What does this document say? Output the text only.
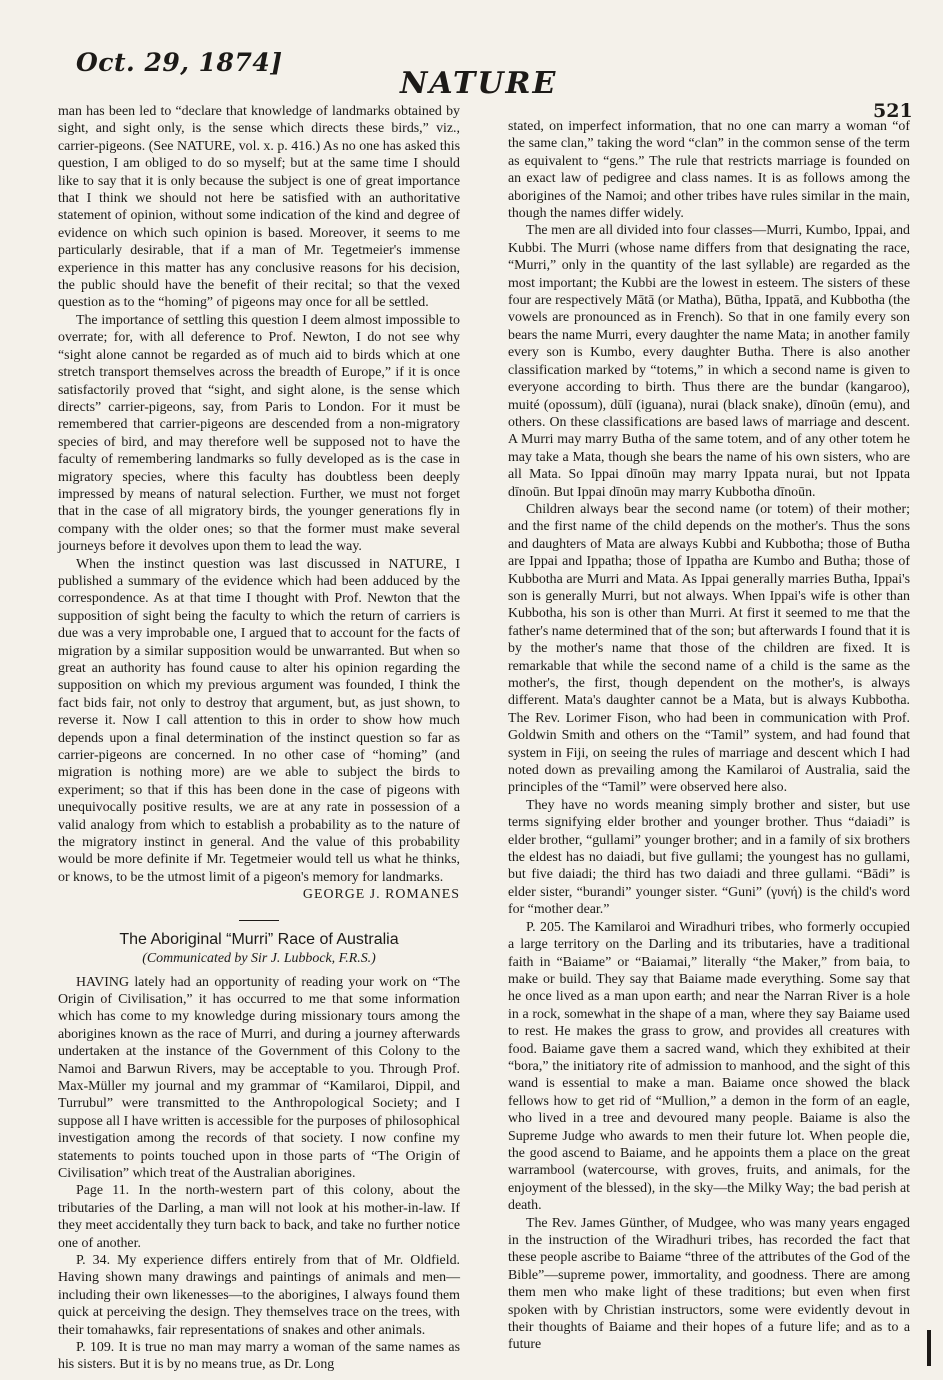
Oct. 29, 1874]
NATURE
521

man has been led to “declare that knowledge of landmarks obtained by sight, and sight only, is the sense which directs these birds,” viz., carrier-pigeons. (See NATURE, vol. x. p. 416.) As no one has asked this question, I am obliged to do so myself; but at the same time I should like to say that it is only because the subject is one of great importance that I think we should not here be satisfied with an authoritative statement of opinion, without some indication of the kind and degree of evidence on which such opinion is based. Moreover, it seems to me particularly desirable, that if a man of Mr. Tegetmeier's immense experience in this matter has any conclusive reasons for his decision, the public should have the benefit of their recital; so that the vexed question as to the “homing” of pigeons may once for all be settled.

The importance of settling this question I deem almost impossible to overrate; for, with all deference to Prof. Newton, I do not see why “sight alone cannot be regarded as of much aid to birds which at one stretch transport themselves across the breadth of Europe,” if it is once satisfactorily proved that “sight, and sight alone, is the sense which directs” carrier-pigeons, say, from Paris to London. For it must be remembered that carrier-pigeons are descended from a non-migratory species of bird, and may therefore well be supposed not to have the faculty of remembering landmarks so fully developed as is the case in migratory species, where this faculty has doubtless been deeply impressed by means of natural selection. Further, we must not forget that in the case of all migratory birds, the younger generations fly in company with the older ones; so that the former must make several journeys before it devolves upon them to lead the way.

When the instinct question was last discussed in NATURE, I published a summary of the evidence which had been adduced by the correspondence. As at that time I thought with Prof. Newton that the supposition of sight being the faculty to which the return of carriers is due was a very improbable one, I argued that to account for the facts of migration by a similar supposition would be unwarranted. But when so great an authority has found cause to alter his opinion regarding the supposition on which my previous argument was founded, I think the fact bids fair, not only to destroy that argument, but, as just shown, to reverse it. Now I call attention to this in order to show how much depends upon a final determination of the instinct question so far as carrier-pigeons are concerned. In no other case of “homing” (and migration is nothing more) are we able to subject the birds to experiment; so that if this has been done in the case of pigeons with unequivocally positive results, we are at any rate in possession of a valid analogy from which to establish a probability as to the nature of the migratory instinct in general. And the value of this probability would be more definite if Mr. Tegetmeier would tell us what he thinks, or knows, to be the utmost limit of a pigeon's memory for landmarks.

GEORGE J. ROMANES

The Aboriginal “Murri” Race of Australia
(Communicated by Sir J. Lubbock, F.R.S.)

HAVING lately had an opportunity of reading your work on “The Origin of Civilisation,” it has occurred to me that some information which has come to my knowledge during missionary tours among the aborigines known as the race of Murri, and during a journey afterwards undertaken at the instance of the Government of this Colony to the Namoi and Barwun Rivers, may be acceptable to you. Through Prof. Max-Müller my journal and my grammar of “Kamilaroi, Dippil, and Turrubul” were transmitted to the Anthropological Society; and I suppose all I have written is accessible for the purposes of philosophical investigation among the records of that society. I now confine my statements to points touched upon in those parts of “The Origin of Civilisation” which treat of the Australian aborigines.

Page 11. In the north-western part of this colony, about the tributaries of the Darling, a man will not look at his mother-in-law. If they meet accidentally they turn back to back, and take no further notice one of another.

P. 34. My experience differs entirely from that of Mr. Oldfield. Having shown many drawings and paintings of animals and men—including their own likenesses—to the aborigines, I always found them quick at perceiving the design. They themselves trace on the trees, with their tomahawks, fair representations of snakes and other animals.

P. 109. It is true no man may marry a woman of the same names as his sisters. But it is by no means true, as Dr. Long

stated, on imperfect information, that no one can marry a woman “of the same clan,” taking the word “clan” in the common sense of the term as equivalent to “gens.” The rule that restricts marriage is founded on an exact law of pedigree and class names. It is as follows among the aborigines of the Namoi; and other tribes have rules similar in the main, though the names differ widely.

The men are all divided into four classes—Murri, Kumbo, Ippai, and Kubbi. The Murri (whose name differs from that designating the race, “Murri,” only in the quantity of the last syllable) are regarded as the most important; the Kubbi are the lowest in esteem. The sisters of these four are respectively Mātā (or Matha), Būtha, Ippatā, and Kubbotha (the vowels are pronounced as in French). So that in one family every son bears the name Murri, every daughter the name Mata; in another family every son is Kumbo, every daughter Butha. There is also another classification marked by “totems,” in which a second name is given to everyone according to birth. Thus there are the bundar (kangaroo), muité (opossum), dūlī (iguana), nurai (black snake), dīnoūn (emu), and others. On these classifications are based laws of marriage and descent. A Murri may marry Butha of the same totem, and of any other totem he may take a Mata, though she bears the name of his own sisters, who are all Mata. So Ippai dīnoūn may marry Ippata nurai, but not Ippata dīnoūn. But Ippai dīnoūn may marry Kubbotha dīnoūn.

Children always bear the second name (or totem) of their mother; and the first name of the child depends on the mother's. Thus the sons and daughters of Mata are always Kubbi and Kubbotha; those of Butha are Ippai and Ippatha; those of Ippatha are Kumbo and Butha; those of Kubbotha are Murri and Mata. As Ippai generally marries Butha, Ippai's son is generally Murri, but not always. When Ippai's wife is other than Kubbotha, his son is other than Murri. At first it seemed to me that the father's name determined that of the son; but afterwards I found that it is by the mother's name that those of the children are fixed. It is remarkable that while the second name of a child is the same as the mother's, the first, though dependent on the mother's, is always different. Mata's daughter cannot be a Mata, but is always Kubbotha. The Rev. Lorimer Fison, who had been in communication with Prof. Goldwin Smith and others on the “Tamil” system, and had found that system in Fiji, on seeing the rules of marriage and descent which I had noted down as prevailing among the Kamilaroi of Australia, said the principles of the “Tamil” were observed here also.

They have no words meaning simply brother and sister, but use terms signifying elder brother and younger brother. Thus “daiadi” is elder brother, “gullami” younger brother; and in a family of six brothers the eldest has no daiadi, but five gullami; the youngest has no gullami, but five daiadi; the third has two daiadi and three gullami. “Bādi” is elder sister, “burandi” younger sister. “Guni” (γυνή) is the child's word for “mother dear.”

P. 205. The Kamilaroi and Wiradhuri tribes, who formerly occupied a large territory on the Darling and its tributaries, have a traditional faith in “Baiame” or “Baiamai,” literally “the Maker,” from baia, to make or build. They say that Baiame made everything. Some say that he once lived as a man upon earth; and near the Narran River is a hole in a rock, somewhat in the shape of a man, where they say Baiame used to rest. He makes the grass to grow, and provides all creatures with food. Baiame gave them a sacred wand, which they exhibited at their “bora,” the initiatory rite of admission to manhood, and the sight of this wand is essential to make a man. Baiame once showed the black fellows how to get rid of “Mullion,” a demon in the form of an eagle, who lived in a tree and devoured many people. Baiame is also the Supreme Judge who awards to men their future lot. When people die, the good ascend to Baiame, and he appoints them a place on the great warrambool (watercourse, with groves, fruits, and animals, for the enjoyment of the blessed), in the sky—the Milky Way; the bad perish at death.

The Rev. James Günther, of Mudgee, who was many years engaged in the instruction of the Wiradhuri tribes, has recorded the fact that these people ascribe to Baiame “three of the attributes of the God of the Bible”—supreme power, immortality, and goodness. There are among them men who make light of these traditions; but even when first spoken with by Christian instructors, some were evidently devout in their thoughts of Baiame and their hopes of a future life; and as to a future
